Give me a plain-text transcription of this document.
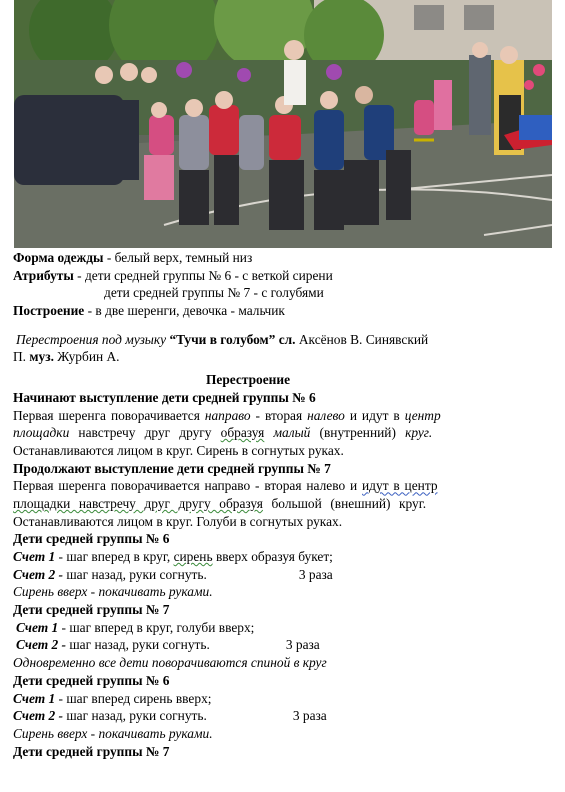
Форма одежды - белый верх, темный низ
Атрибуты - дети средней группы № 6 - с веткой сирени
дети средней группы № 7 - с голубями
Построение - в две шеренги, девочка - мальчик
Перестроения под музыку “Тучи в голубом” сл. Аксёнов В. Синявский
П. муз. Журбин А.
Перестроение
Начинают выступление дети средней группы № 6
Первая шеренга поворачивается направо - вторая налево и идут в центр
площадки навстречу друг другу образуя малый (внутренний) круг.
Останавливаются лицом в круг. Сирень в согнутых руках.
Продолжают выступление дети средней группы № 7
Первая шеренга поворачивается направо - вторая налево и идут в центр
площадки навстречу друг другу образуя большой (внешний) круг.
Останавливаются лицом в круг. Голуби в согнутых руках.
Дети средней группы № 6
Счет 1 - шаг вперед в круг, сирень вверх образуя букет;
Счет 2 - шаг назад, руки согнуть.	3 раза
Сирень вверх - покачивать руками.
Дети средней группы № 7
Счет 1 - шаг вперед в круг, голуби вверх;
Счет 2 - шаг назад, руки согнуть.	3 раза
Одновременно все дети поворачиваются спиной в круг
Дети средней группы № 6
Счет 1 - шаг вперед сирень вверх;
Счет 2 - шаг назад, руки согнуть.	3 раза
Сирень вверх - покачивать руками.
Дети средней группы № 7
